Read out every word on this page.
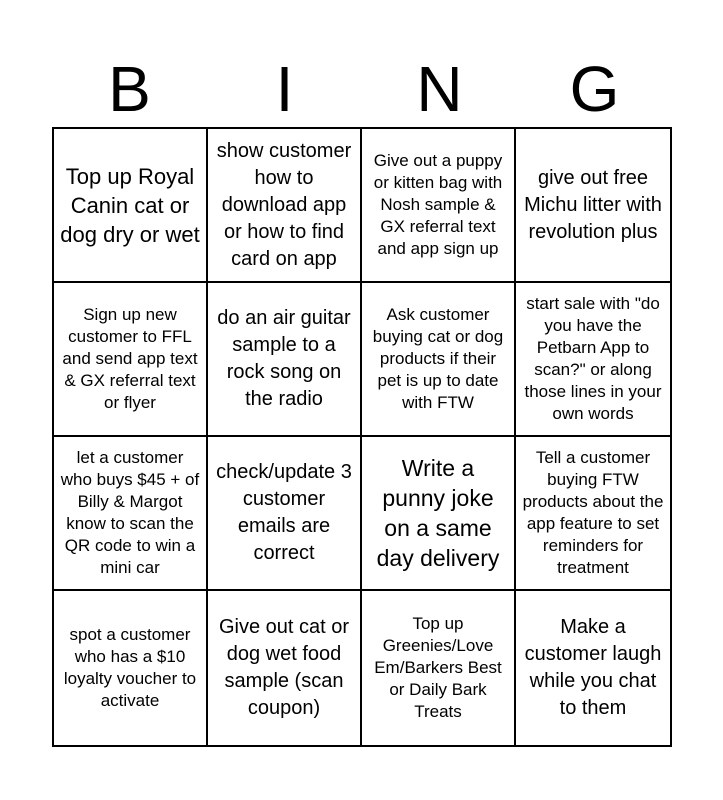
B	I	N	G
Top up Royal Canin cat or dog dry or wet
show customer how to download app or how to find card on app
Give out a puppy or kitten bag with Nosh sample & GX referral text and app sign up
give out free Michu litter with revolution plus
Sign up new customer to FFL and send app text & GX referral text or flyer
do an air guitar sample to a rock song on the radio
Ask customer buying cat or dog products if their pet is up to date with FTW
start sale with "do you have the Petbarn App to scan?" or along those lines in your own words
let a customer who buys $45 + of Billy & Margot know to scan the QR code to win a mini car
check/update 3 customer emails are correct
Write a punny joke on a same day delivery
Tell a customer buying FTW products about the app feature to set reminders for treatment
spot a customer who has a $10 loyalty voucher to activate
Give out cat or dog wet food sample (scan coupon)
Top up Greenies/Love Em/Barkers Best or Daily Bark Treats
Make a customer laugh while you chat to them
